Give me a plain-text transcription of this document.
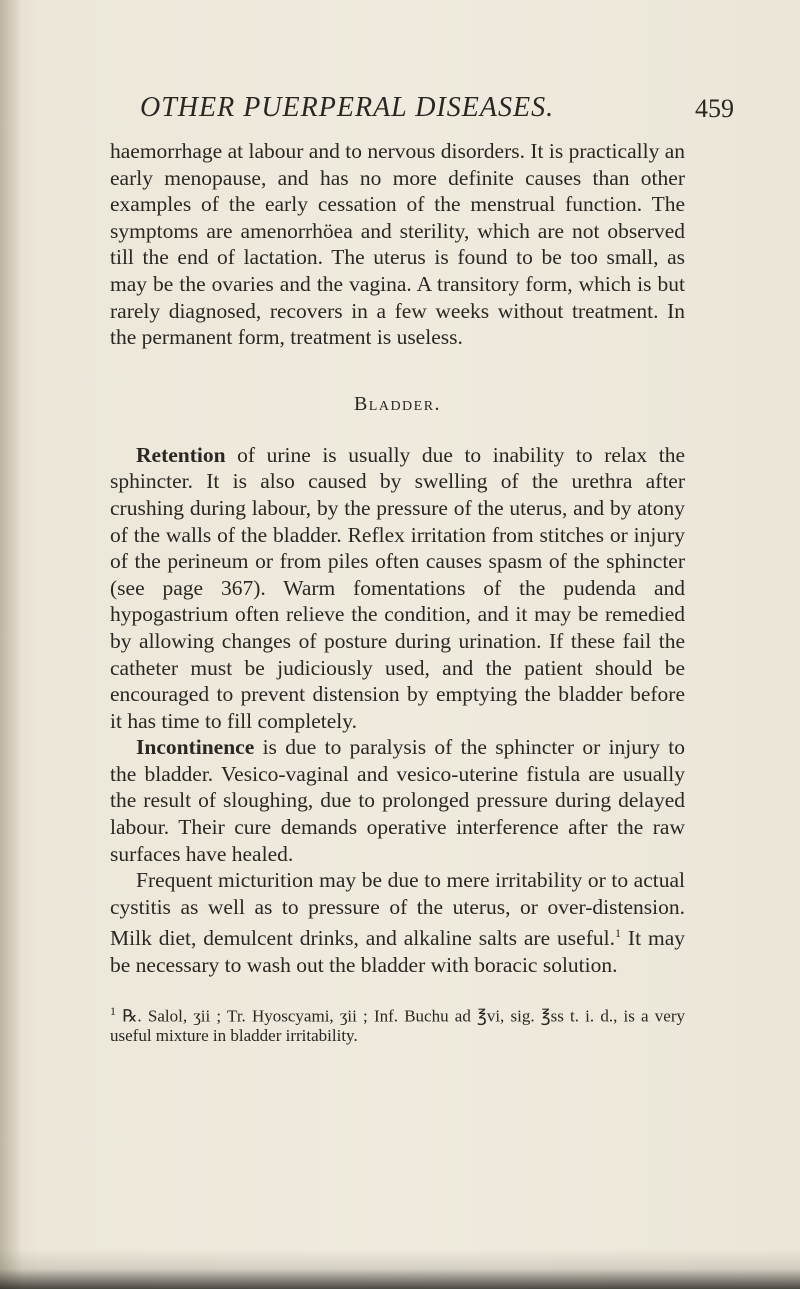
OTHER PUERPERAL DISEASES.	459

haemorrhage at labour and to nervous disorders. It is practically an early menopause, and has no more definite causes than other examples of the early cessation of the menstrual function. The symptoms are amenorrhöea and sterility, which are not observed till the end of lactation. The uterus is found to be too small, as may be the ovaries and the vagina. A transitory form, which is but rarely diagnosed, recovers in a few weeks without treatment. In the permanent form, treatment is useless.

Bladder.

Retention of urine is usually due to inability to relax the sphincter. It is also caused by swelling of the urethra after crushing during labour, by the pressure of the uterus, and by atony of the walls of the bladder. Reflex irritation from stitches or injury of the perineum or from piles often causes spasm of the sphincter (see page 367). Warm fomentations of the pudenda and hypogastrium often relieve the condition, and it may be remedied by allowing changes of posture during urination. If these fail the catheter must be judiciously used, and the patient should be encouraged to prevent distension by emptying the bladder before it has time to fill completely.

Incontinence is due to paralysis of the sphincter or injury to the bladder. Vesico-vaginal and vesico-uterine fistula are usually the result of sloughing, due to prolonged pressure during delayed labour. Their cure demands operative interference after the raw surfaces have healed.

Frequent micturition may be due to mere irritability or to actual cystitis as well as to pressure of the uterus, or over-distension. Milk diet, demulcent drinks, and alkaline salts are useful.$^1$ It may be necessary to wash out the bladder with boracic solution.

$^1$ ℞. Salol, ʒii ; Tr. Hyoscyami, ʒii ; Inf. Buchu ad ℥vi, sig. ℥ss t. i. d., is a very useful mixture in bladder irritability.
